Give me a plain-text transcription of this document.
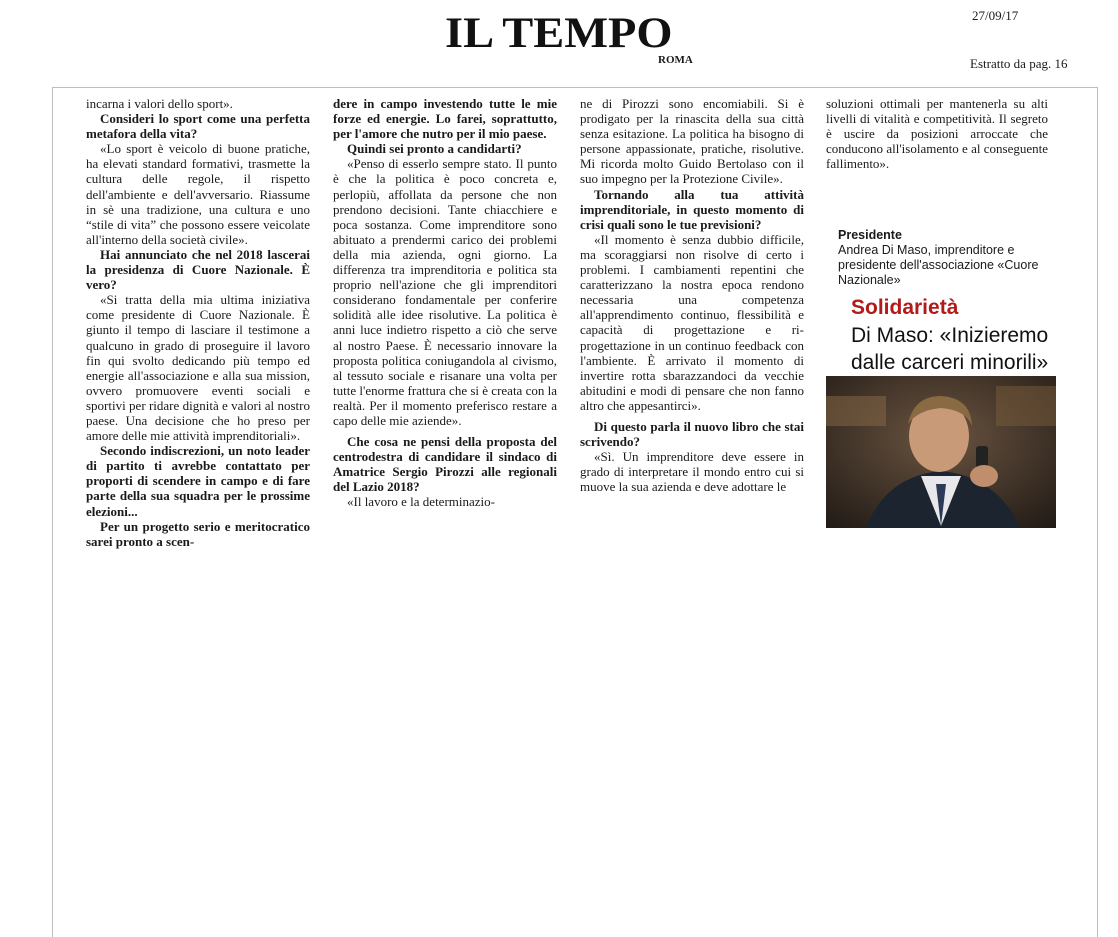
IL TEMPO
ROMA
27/09/17
Estratto da pag. 16

incarna i valori dello sport».

Consideri lo sport come una perfetta metafora della vita?

«Lo sport è veicolo di buone pratiche, ha elevati standard formativi, trasmette la cultura delle regole, il rispetto dell'ambiente e dell'avversario. Riassume in sè una tradizione, una cultura e uno “stile di vita” che possono essere veicolate all'interno della società civile».

Hai annunciato che nel 2018 lascerai la presidenza di Cuore Nazionale. È vero?

«Si tratta della mia ultima iniziativa come presidente di Cuore Nazionale. È giunto il tempo di lasciare il testimone a qualcuno in grado di proseguire il lavoro fin qui svolto dedicando più tempo ed energie all'associazione e alla sua mission, ovvero promuovere eventi sociali e sportivi per ridare dignità e valori al nostro paese. Una decisione che ho preso per amore delle mie attività imprenditoriali».

Secondo indiscrezioni, un noto leader di partito ti avrebbe contattato per proporti di scendere in campo e di fare parte della sua squadra per le prossime elezioni...

Per un progetto serio e meritocratico sarei pronto a scen-

dere in campo investendo tutte le mie forze ed energie. Lo farei, soprattutto, per l'amore che nutro per il mio paese.

Quindi sei pronto a candidarti?

«Penso di esserlo sempre stato. Il punto è che la politica è poco concreta e, perlopiù, affollata da persone che non prendono decisioni. Tante chiacchiere e poca sostanza. Come imprenditore sono abituato a prendermi carico dei problemi della mia azienda, ogni giorno. La differenza tra imprenditoria e politica sta proprio nell'azione che gli imprenditori considerano fondamentale per conferire solidità alle idee risolutive. La politica è anni luce indietro rispetto a ciò che serve al nostro Paese. È necessario innovare la proposta politica coniugandola al civismo, al tessuto sociale e risanare una volta per tutte l'enorme frattura che si è creata con la realtà. Per il momento preferisco restare a capo delle mie aziende».

Che cosa ne pensi della proposta del centrodestra di candidare il sindaco di Amatrice Sergio Pirozzi alle regionali del Lazio 2018?

«Il lavoro e la determinazio-

ne di Pirozzi sono encomiabili. Si è prodigato per la rinascita della sua città senza esitazione. La politica ha bisogno di persone appassionate, pratiche, risolutive. Mi ricorda molto Guido Bertolaso con il suo impegno per la Protezione Civile».

Tornando alla tua attività imprenditoriale, in questo momento di crisi quali sono le tue previsioni?

«Il momento è senza dubbio difficile, ma scoraggiarsi non risolve di certo i problemi. I cambiamenti repentini che caratterizzano la nostra epoca rendono necessaria una competenza all'apprendimento continuo, flessibilità e capacità di progettazione e ri-progettazione in un continuo feedback con l'ambiente. È arrivato il momento di invertire rotta sbarazzandoci da vecchie abitudini e modi di pensare che non fanno altro che appesantirci».

Di questo parla il nuovo libro che stai scrivendo?

«Sì. Un imprenditore deve essere in grado di interpretare il mondo entro cui si muove la sua azienda e deve adottare le

soluzioni ottimali per mantenerla su alti livelli di vitalità e competitività. Il segreto è uscire da posizioni arroccate che conducono all'isolamento e al conseguente fallimento».

Presidente
Andrea Di Maso, imprenditore e presidente dell'associazione «Cuore Nazionale»
Solidarietà
Di Maso: «Inizieremo dalle carceri minorili»
